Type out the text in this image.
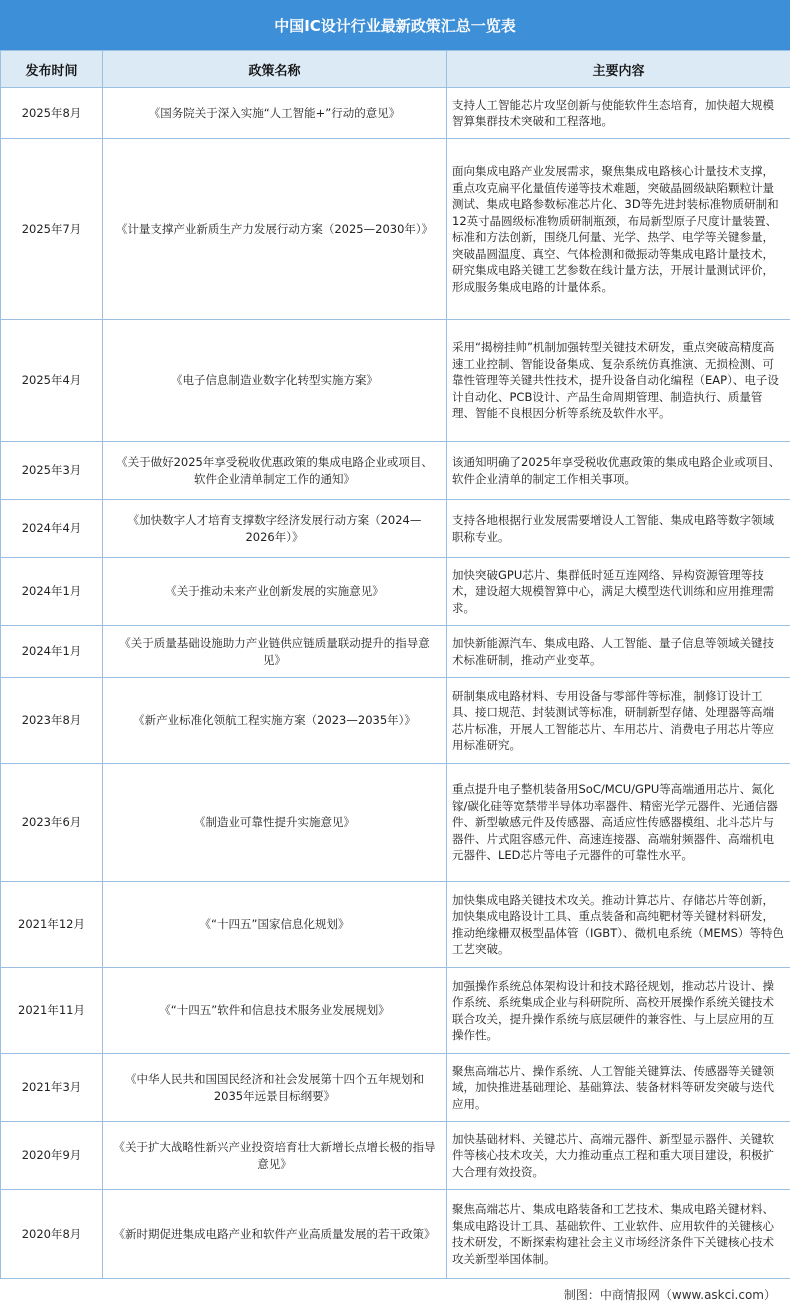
中国IC设计行业最新政策汇总一览表
发布时间	政策名称	主要内容
2025年8月	《国务院关于深入实施“人工智能+”行动的意见》	支持人工智能芯片攻坚创新与使能软件生态培育，加快超大规模智算集群技术突破和工程落地。
2025年7月	《计量支撑产业新质生产力发展行动方案（2025—2030年）》	面向集成电路产业发展需求，聚焦集成电路核心计量技术支撑，重点攻克扁平化量值传递等技术难题，突破晶圆级缺陷颗粒计量测试、集成电路参数标准芯片化、3D等先进封装标准物质研制和12英寸晶圆级标准物质研制瓶颈，布局新型原子尺度计量装置、标准和方法创新，围绕几何量、光学、热学、电学等关键参量，突破晶圆温度、真空、气体检测和微振动等集成电路计量技术，研究集成电路关键工艺参数在线计量方法，开展计量测试评价，形成服务集成电路的计量体系。
2025年4月	《电子信息制造业数字化转型实施方案》	采用“揭榜挂帅”机制加强转型关键技术研发，重点突破高精度高速工业控制、智能设备集成、复杂系统仿真推演、无损检测、可靠性管理等关键共性技术，提升设备自动化编程（EAP）、电子设计自动化、PCB设计、产品生命周期管理、制造执行、质量管理、智能不良根因分析等系统及软件水平。
2025年3月	《关于做好2025年享受税收优惠政策的集成电路企业或项目、软件企业清单制定工作的通知》	该通知明确了2025年享受税收优惠政策的集成电路企业或项目、软件企业清单的制定工作相关事项。
2024年4月	《加快数字人才培育支撑数字经济发展行动方案（2024—2026年）》	支持各地根据行业发展需要增设人工智能、集成电路等数字领域职称专业。
2024年1月	《关于推动未来产业创新发展的实施意见》	加快突破GPU芯片、集群低时延互连网络、异构资源管理等技术，建设超大规模智算中心，满足大模型迭代训练和应用推理需求。
2024年1月	《关于质量基础设施助力产业链供应链质量联动提升的指导意见》	加快新能源汽车、集成电路、人工智能、量子信息等领域关键技术标准研制，推动产业变革。
2023年8月	《新产业标准化领航工程实施方案（2023—2035年）》	研制集成电路材料、专用设备与零部件等标准，制修订设计工具、接口规范、封装测试等标准，研制新型存储、处理器等高端芯片标准，开展人工智能芯片、车用芯片、消费电子用芯片等应用标准研究。
2023年6月	《制造业可靠性提升实施意见》	重点提升电子整机装备用SoC/MCU/GPU等高端通用芯片、氮化镓/碳化硅等宽禁带半导体功率器件、精密光学元器件、光通信器件、新型敏感元件及传感器、高适应性传感器模组、北斗芯片与器件、片式阻容感元件、高速连接器、高端射频器件、高端机电元器件、LED芯片等电子元器件的可靠性水平。
2021年12月	《“十四五”国家信息化规划》	加快集成电路关键技术攻关。推动计算芯片、存储芯片等创新，加快集成电路设计工具、重点装备和高纯靶材等关键材料研发，推动绝缘栅双极型晶体管（IGBT）、微机电系统（MEMS）等特色工艺突破。
2021年11月	《“十四五”软件和信息技术服务业发展规划》	加强操作系统总体架构设计和技术路径规划，推动芯片设计、操作系统、系统集成企业与科研院所、高校开展操作系统关键技术联合攻关，提升操作系统与底层硬件的兼容性、与上层应用的互操作性。
2021年3月	《中华人民共和国国民经济和社会发展第十四个五年规划和2035年远景目标纲要》	聚焦高端芯片、操作系统、人工智能关键算法、传感器等关键领域，加快推进基础理论、基础算法、装备材料等研发突破与迭代应用。
2020年9月	《关于扩大战略性新兴产业投资培育壮大新增长点增长极的指导意见》	加快基础材料、关键芯片、高端元器件、新型显示器件、关键软件等核心技术攻关，大力推动重点工程和重大项目建设，积极扩大合理有效投资。
2020年8月	《新时期促进集成电路产业和软件产业高质量发展的若干政策》	聚焦高端芯片、集成电路装备和工艺技术、集成电路关键材料、集成电路设计工具、基础软件、工业软件、应用软件的关键核心技术研发，不断探索构建社会主义市场经济条件下关键核心技术攻关新型举国体制。
制图：中商情报网（www.askci.com）
